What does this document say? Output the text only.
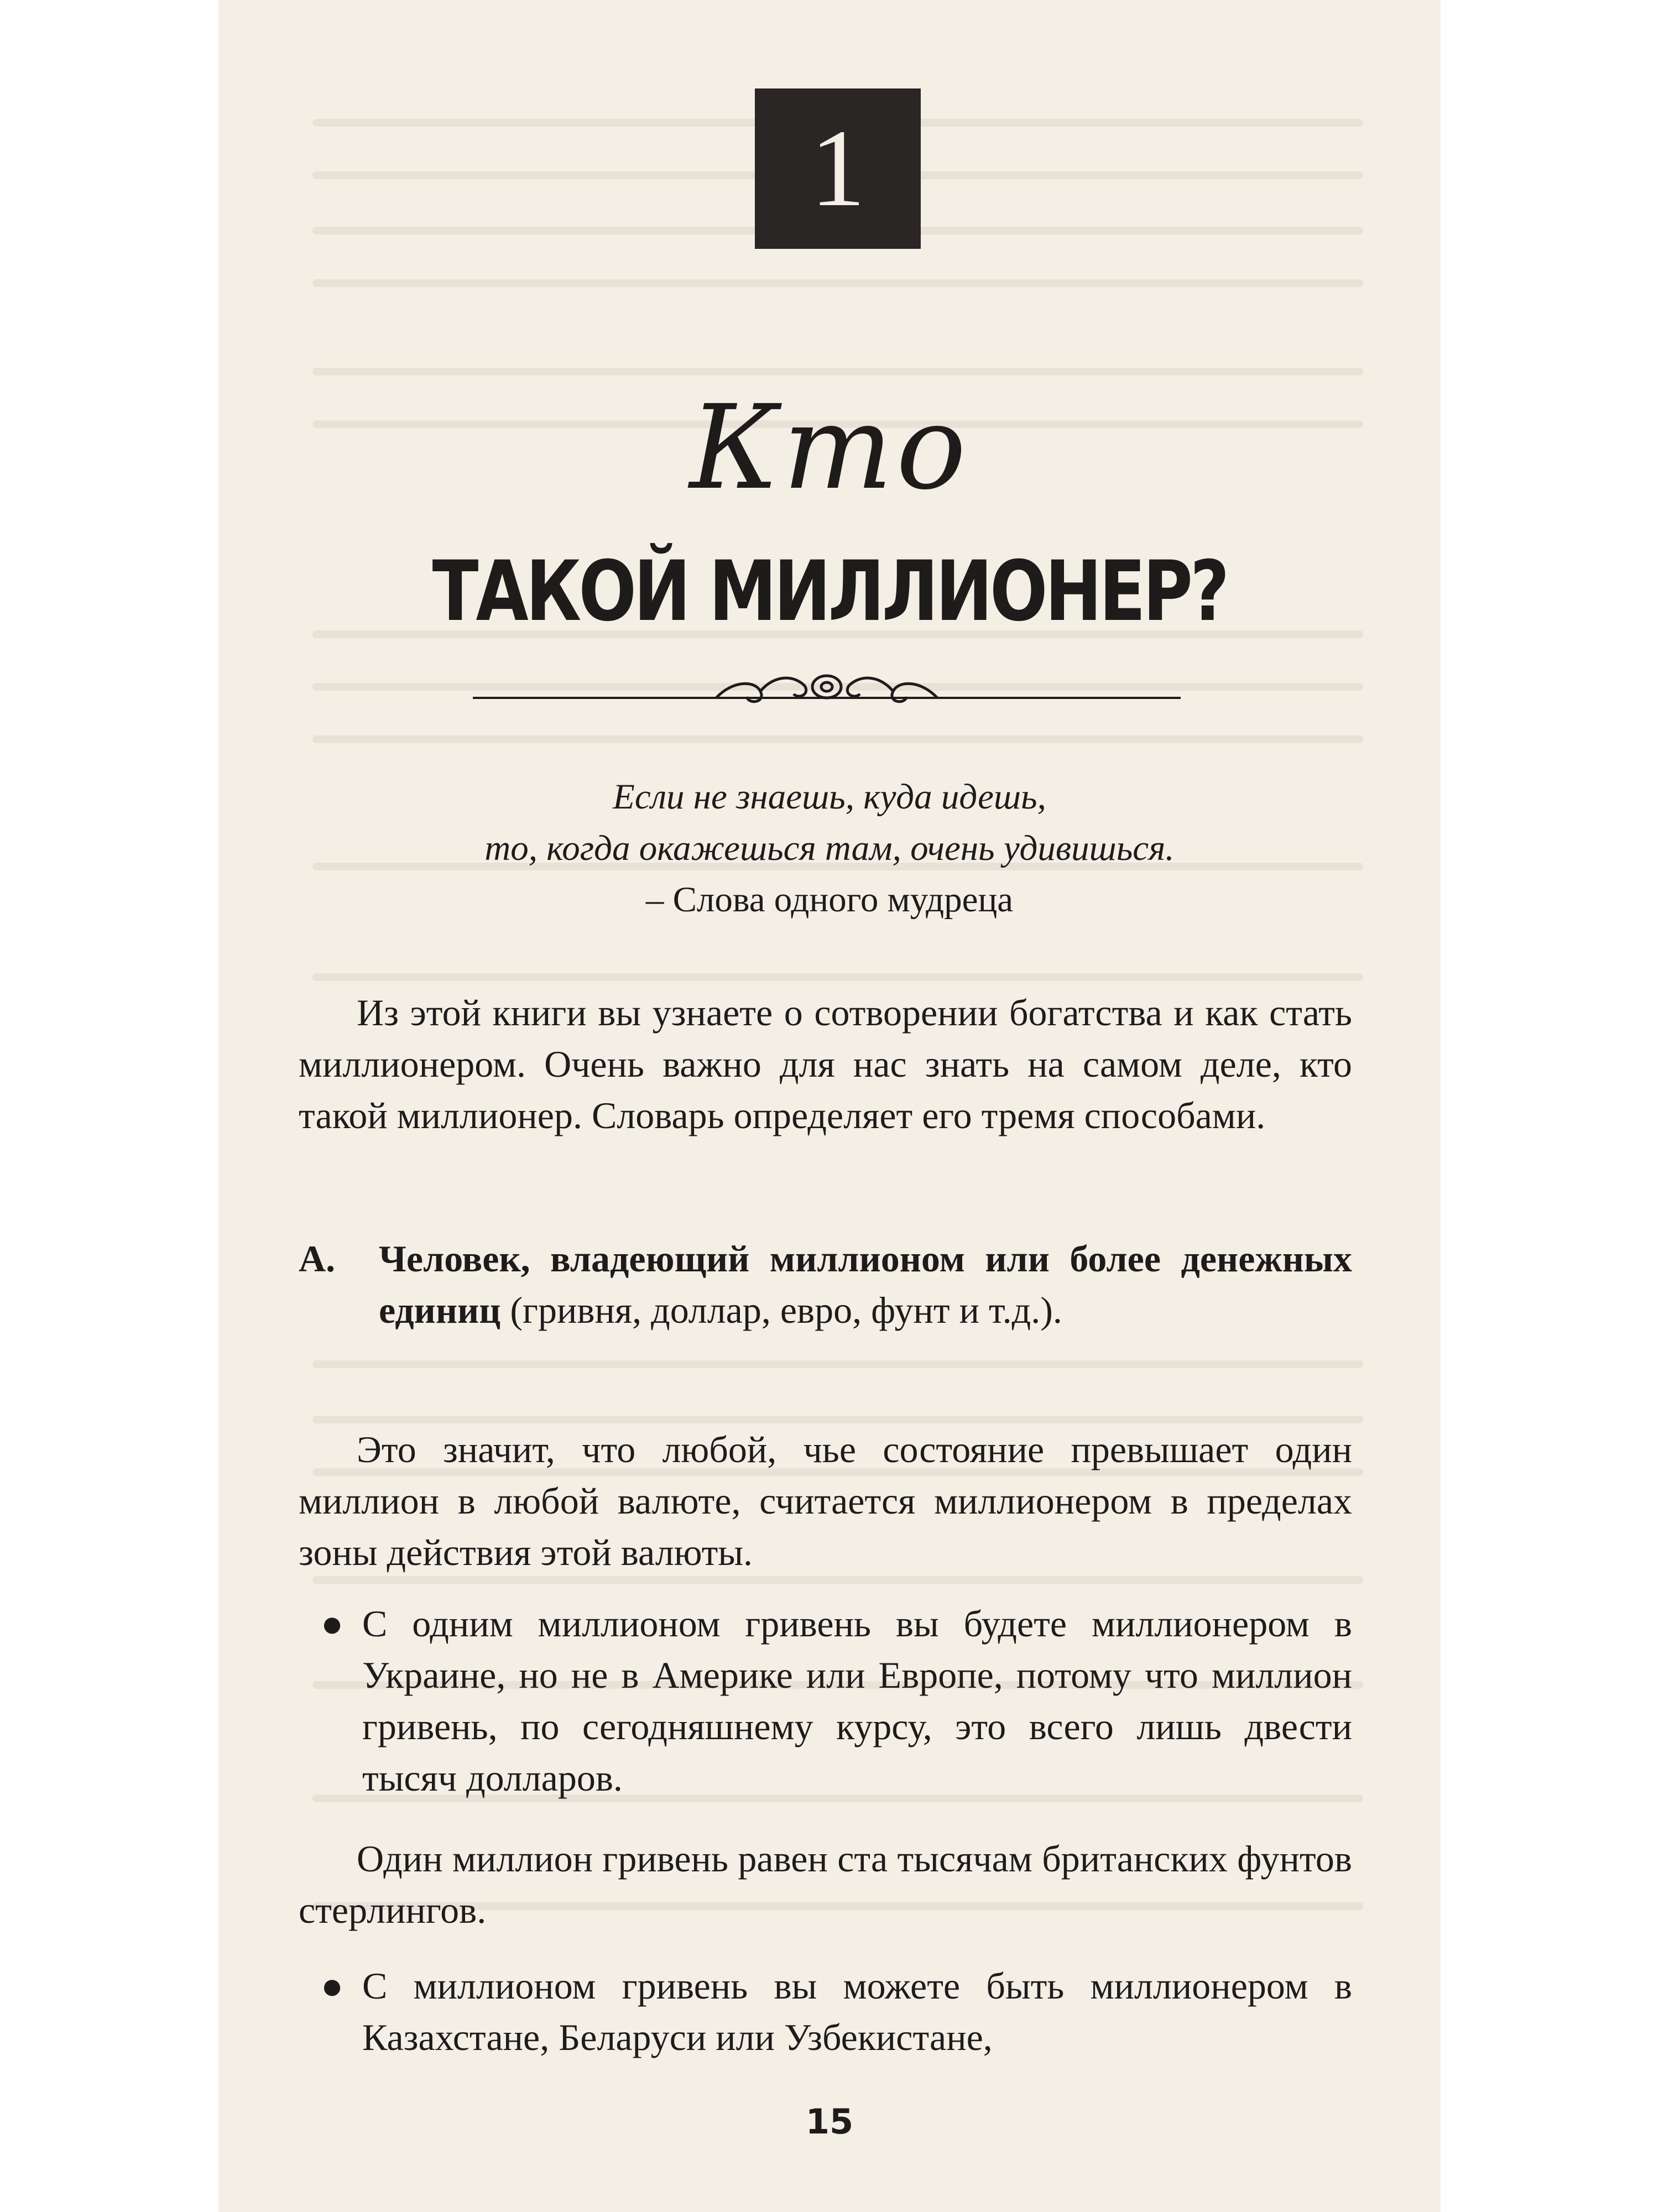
1
Кто
ТАКОЙ МИЛЛИОНЕР?
Если не знаешь, куда идешь,
то, когда окажешься там, очень удивишься.
– Слова одного мудреца

Из этой книги вы узнаете о сотворении богатства и как стать миллионером. Очень важно для нас знать на самом деле, кто такой миллионер. Словарь определяет его тремя способами.

А.	Человек, владеющий миллионом или более денежных единиц (гривня, доллар, евро, фунт и т.д.).

Это значит, что любой, чье состояние превышает один миллион в любой валюте, считается миллионером в пределах зоны действия этой валюты.

● С одним миллионом гривень вы будете миллионером в Украине, но не в Америке или Европе, потому что миллион гривень, по сегодняшнему курсу, это всего лишь двести тысяч долларов.

Один миллион гривень равен ста тысячам британских фунтов стерлингов.

● С миллионом гривень вы можете быть миллионером в Казахстане, Беларуси или Узбекистане,
15
